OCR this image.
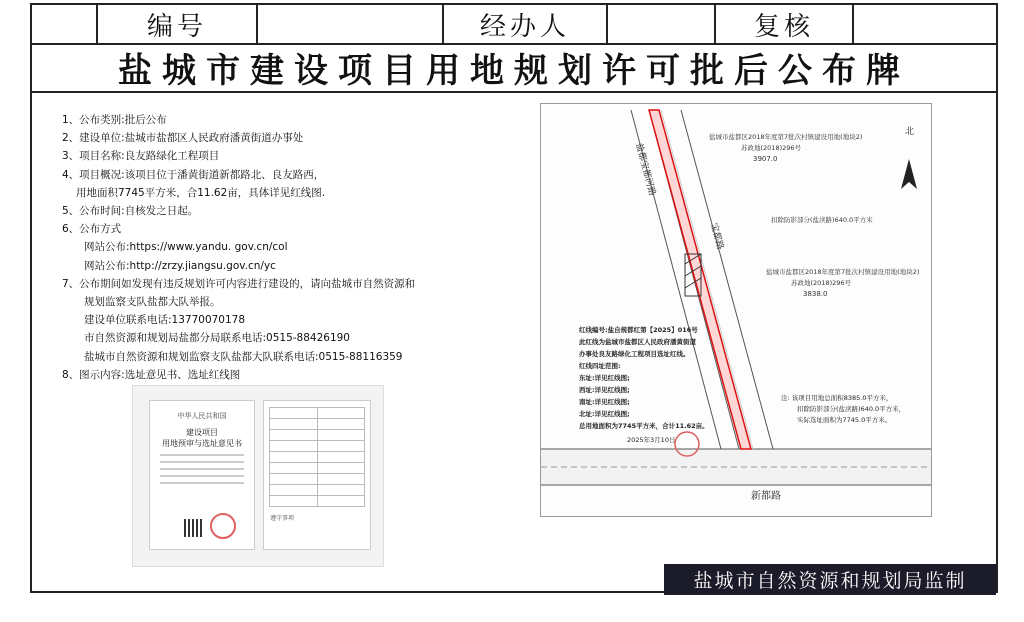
编号	经办人	复核
盐城市建设项目用地规划许可批后公布牌
1、公布类别:批后公布
2、建设单位:盐城市盐都区人民政府潘黄街道办事处
3、项目名称:良友路绿化工程项目
4、项目概况:该项目位于潘黄街道新都路北、良友路西，
用地面积7745平方米，合11.62亩，具体详见红线图.
5、公布时间:自核发之日起。
6、公布方式
网站公布:https://www.yandu. gov.cn/col
网站公布:http://zrzy.jiangsu.gov.cn/yc
7、公布期间如发现有违反规划许可内容进行建设的，请向盐城市自然资源和
规划监察支队盐都大队举报。
建设单位联系电话:13770070178
市自然资源和规划局盐都分局联系电话:0515-88426190
盐城市自然资源和规划监察支队盐都大队联系电话:0515-88116359
8、图示内容:选址意见书、选址红线图
中华人民共和国
建设项目
用地预审与选址意见书

遵守事项
北
盐都宝都河路
宝都路
新都路
盐城市盐都区2018年度第7批次村镇建设用地(地块2)
苏政地(2018)296号
3907.0
扣除防影部分(盐渎路)640.0平方米
盐城市盐都区2018年度第7批次村镇建设用地(地块2)
苏政地(2018)296号
3838.0
红线编号:盐自规都红第【2025】016号
此红线为盐城市盐都区人民政府潘黄街道
办事处良友路绿化工程项目选址红线。
红线四址范围:
东址:详见红线图;
西址:详见红线图;
南址:详见红线图;
北址:详见红线图;
总用地面积为7745平方米，合计11.62亩。
2025年3月10日
注: 该项目用地总面积8385.0平方米，
扣除防影部分(盐渎路)640.0平方米，
实际选址面积为7745.0平方米。
盐城市自然资源和规划局监制
